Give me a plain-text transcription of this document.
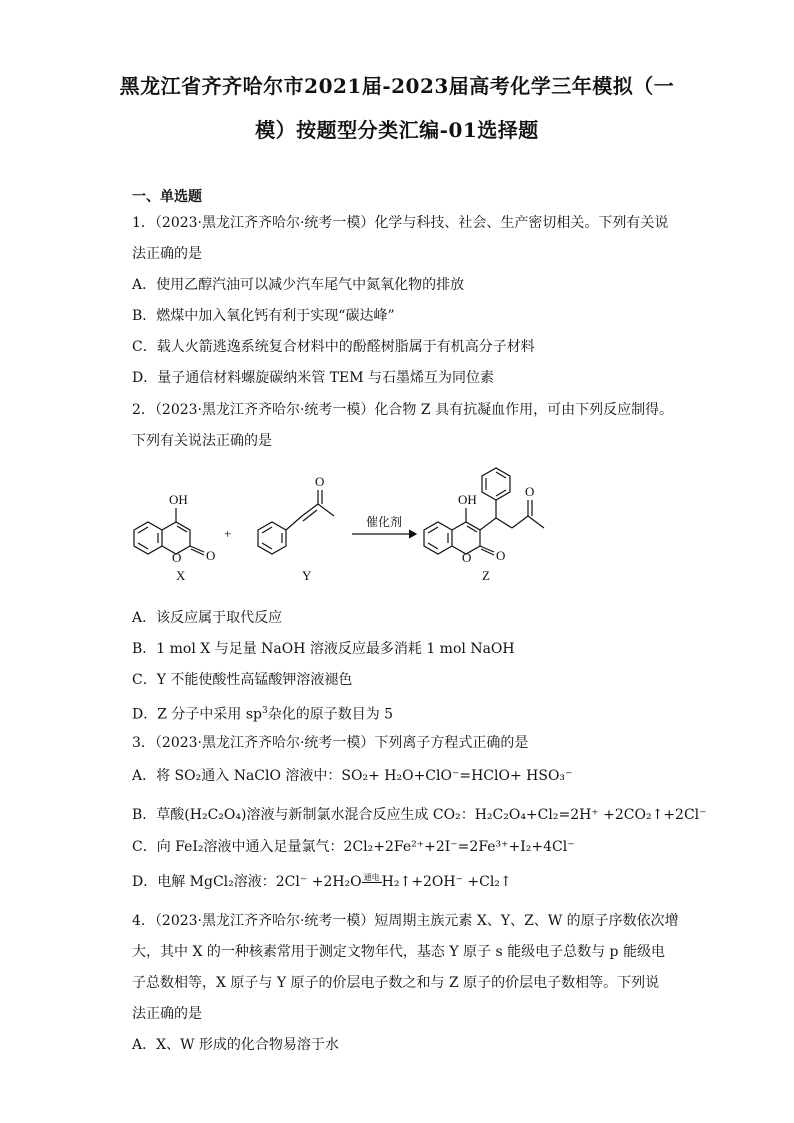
黑龙江省齐齐哈尔市2021届-2023届高考化学三年模拟（一
模）按题型分类汇编-01选择题
一、单选题
1．（2023·黑龙江齐齐哈尔·统考一模）化学与科技、社会、生产密切相关。下列有关说
法正确的是
A．使用乙醇汽油可以减少汽车尾气中氮氧化物的排放
B．燃煤中加入氧化钙有利于实现“碳达峰”
C．载人火箭逃逸系统复合材料中的酚醛树脂属于有机高分子材料
D．量子通信材料螺旋碳纳米管 TEM 与石墨烯互为同位素
2．（2023·黑龙江齐齐哈尔·统考一模）化合物 Z 具有抗凝血作用，可由下列反应制得。
下列有关说法正确的是
OH
O O
X
+
O
Y
催化剂
OH
O O
O
Z
A．该反应属于取代反应
B．1 mol X 与足量 NaOH 溶液反应最多消耗 1 mol NaOH
C．Y 不能使酸性高锰酸钾溶液褪色
D．Z 分子中采用 $sp^3$杂化的原子数目为 5
3．（2023·黑龙江齐齐哈尔·统考一模）下列离子方程式正确的是
A．将 SO₂通入 NaClO 溶液中：SO₂+ H₂O+ClO⁻=HClO+ HSO₃⁻
B．草酸(H₂C₂O₄)溶液与新制氯水混合反应生成 CO₂：H₂C₂O₄+Cl₂=2H⁺ +2CO₂↑+2Cl⁻
C．向 FeI₂溶液中通入足量氯气：2Cl₂+2Fe²⁺+2I⁻=2Fe³⁺+I₂+4Cl⁻
D．电解 MgCl₂溶液：2Cl⁻ +2H₂O 通电 H₂↑+2OH⁻ +Cl₂↑
4．（2023·黑龙江齐齐哈尔·统考一模）短周期主族元素 X、Y、Z、W 的原子序数依次增
大，其中 X 的一种核素常用于测定文物年代，基态 Y 原子 s 能级电子总数与 p 能级电
子总数相等，X 原子与 Y 原子的价层电子数之和与 Z 原子的价层电子数相等。下列说
法正确的是
A．X、W 形成的化合物易溶于水
